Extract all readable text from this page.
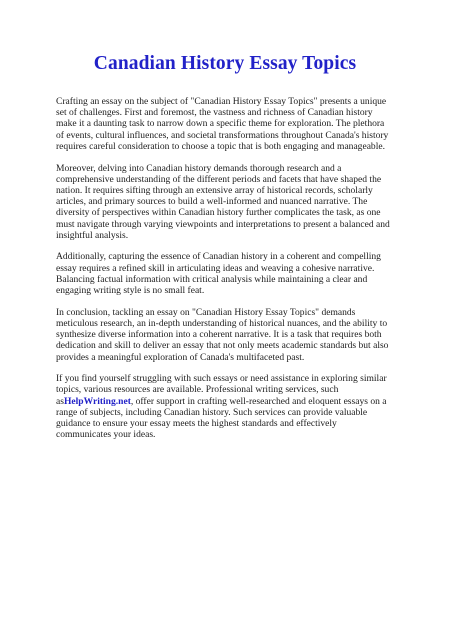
Canadian History Essay Topics

Crafting an essay on the subject of "Canadian History Essay Topics" presents a unique set of challenges. First and foremost, the vastness and richness of Canadian history make it a daunting task to narrow down a specific theme for exploration. The plethora of events, cultural influences, and societal transformations throughout Canada's history requires careful consideration to choose a topic that is both engaging and manageable.

Moreover, delving into Canadian history demands thorough research and a comprehensive understanding of the different periods and facets that have shaped the nation. It requires sifting through an extensive array of historical records, scholarly articles, and primary sources to build a well-informed and nuanced narrative. The diversity of perspectives within Canadian history further complicates the task, as one must navigate through varying viewpoints and interpretations to present a balanced and insightful analysis.

Additionally, capturing the essence of Canadian history in a coherent and compelling essay requires a refined skill in articulating ideas and weaving a cohesive narrative. Balancing factual information with critical analysis while maintaining a clear and engaging writing style is no small feat.

In conclusion, tackling an essay on "Canadian History Essay Topics" demands meticulous research, an in-depth understanding of historical nuances, and the ability to synthesize diverse information into a coherent narrative. It is a task that requires both dedication and skill to deliver an essay that not only meets academic standards but also provides a meaningful exploration of Canada's multifaceted past.

If you find yourself struggling with such essays or need assistance in exploring similar topics, various resources are available. Professional writing services, such asHelpWriting.net, offer support in crafting well-researched and eloquent essays on a range of subjects, including Canadian history. Such services can provide valuable guidance to ensure your essay meets the highest standards and effectively communicates your ideas.
